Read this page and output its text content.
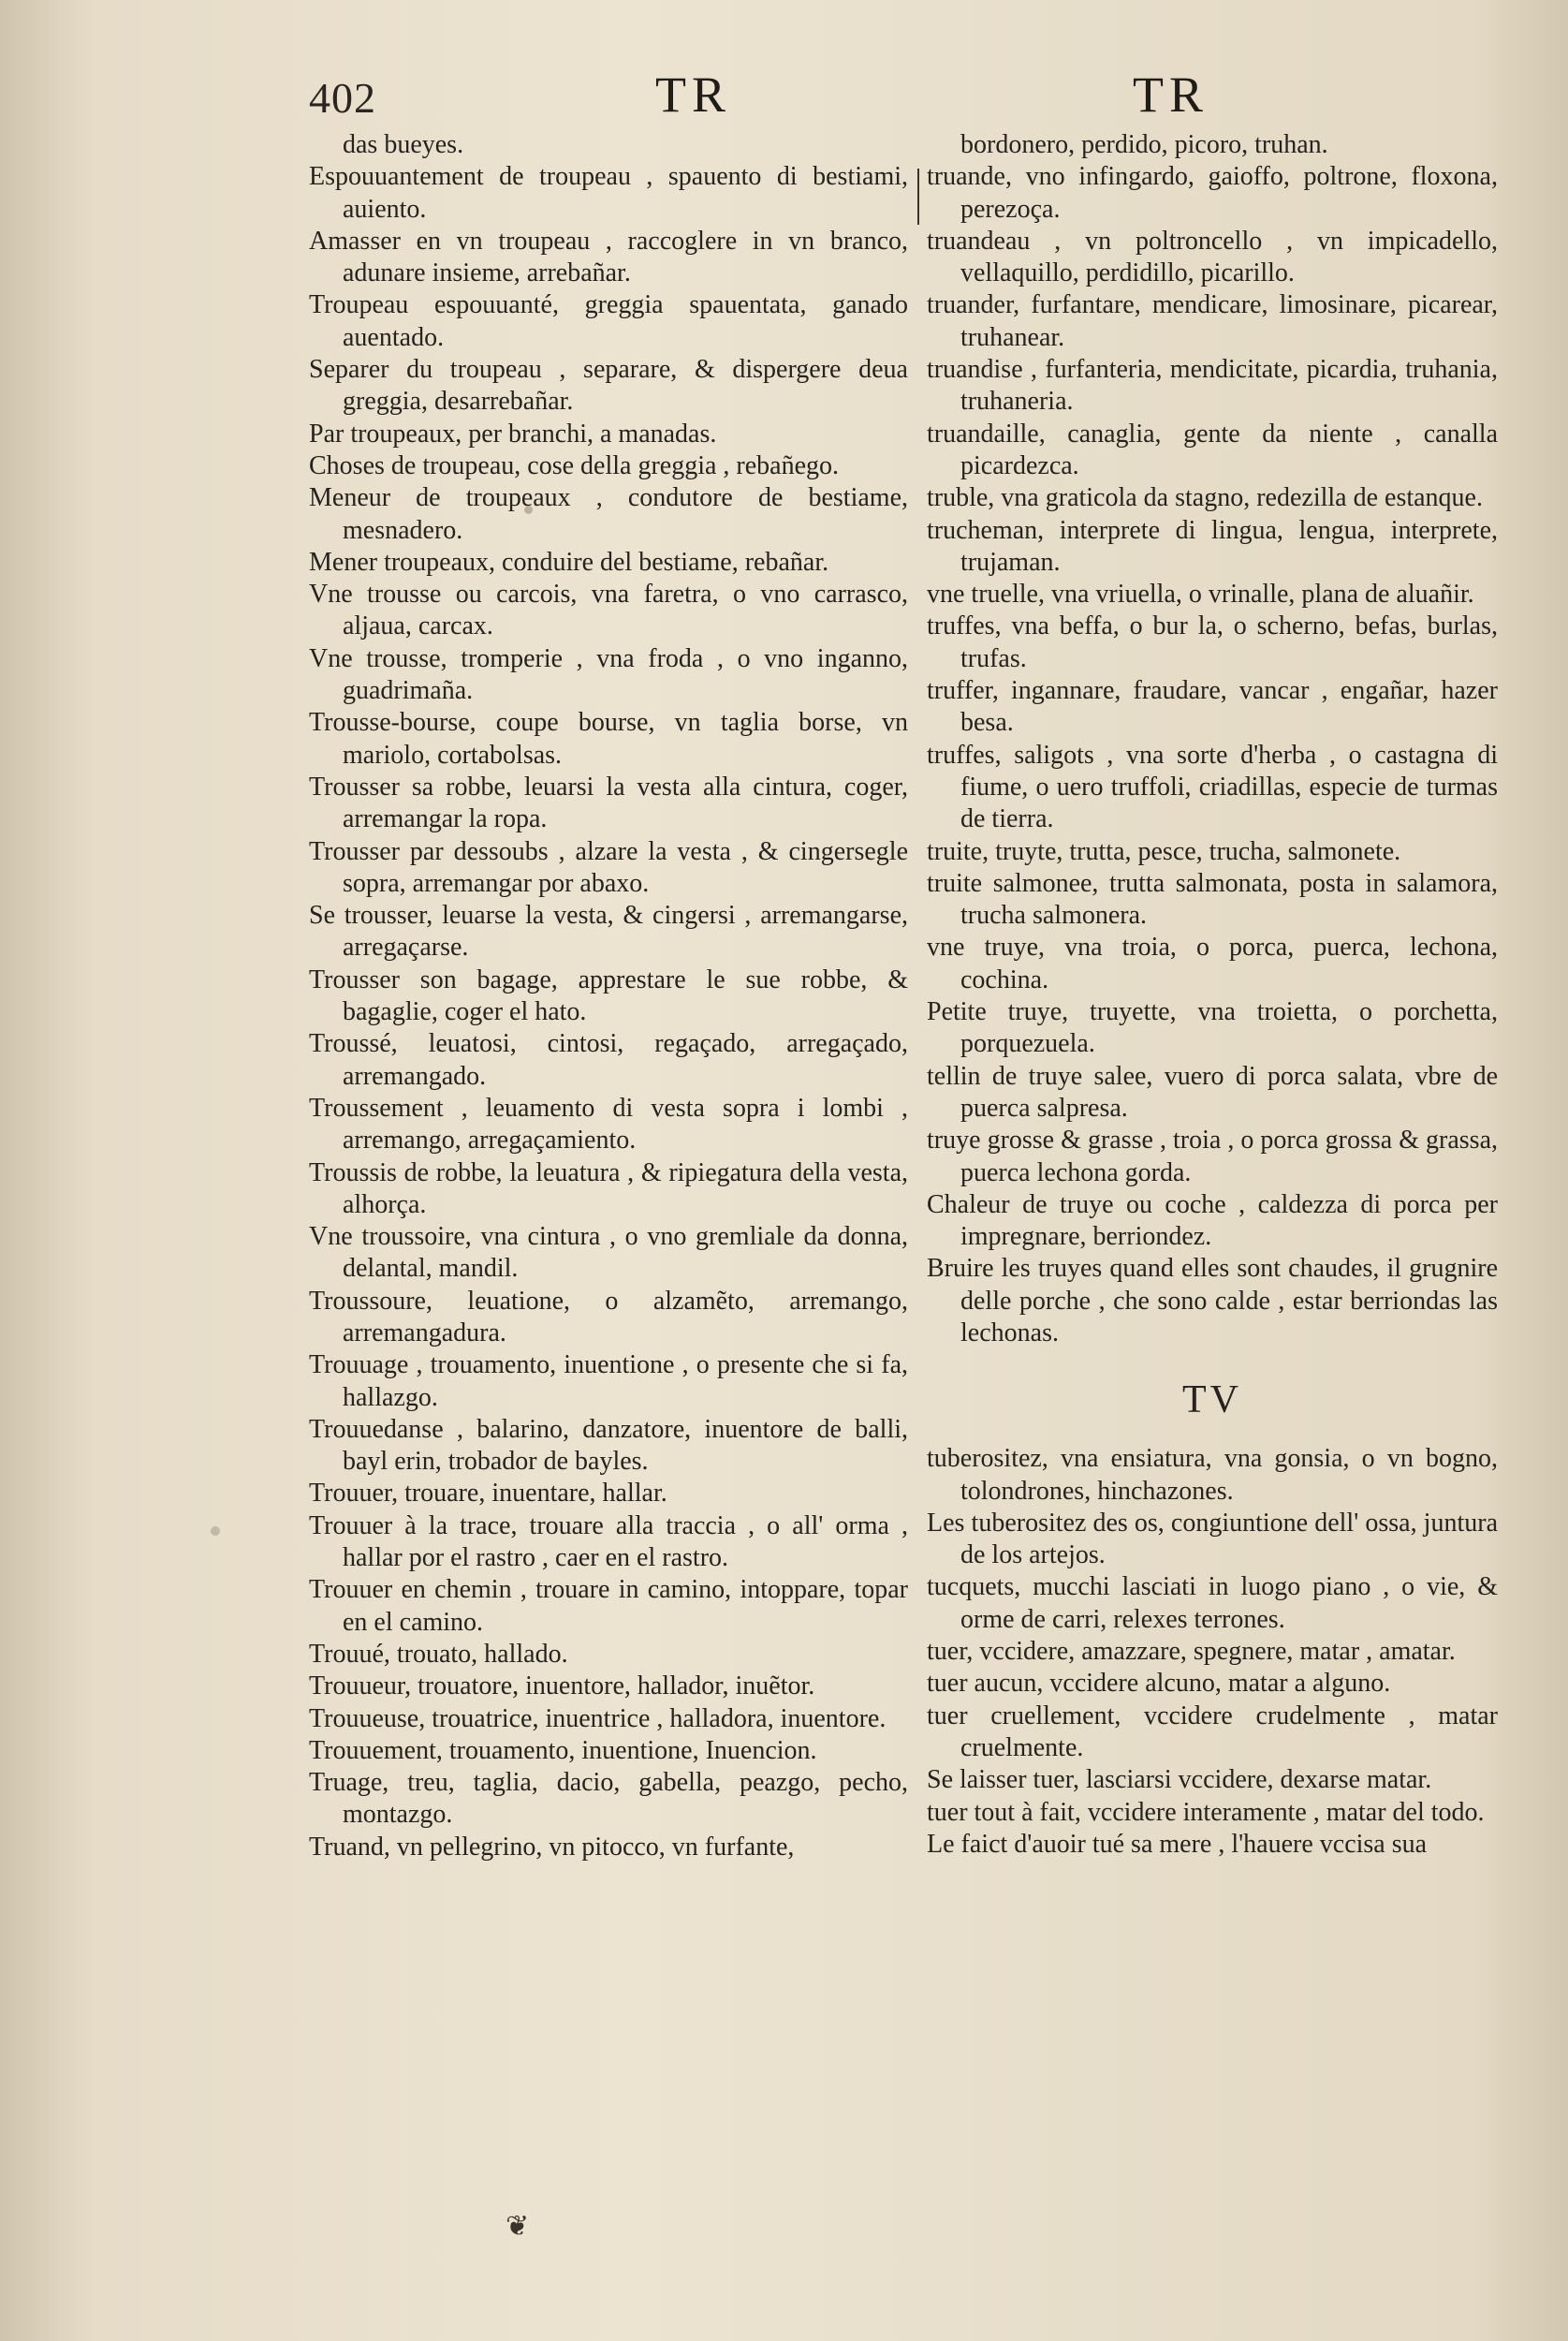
402	TR	TR
das bueyes.
Espouuantement de troupeau , spauento di bestiami, auiento.
Amasser en vn troupeau , raccoglere in vn branco, adunare insieme, arrebañar.
Troupeau espouuanté, greggia spauentata, ganado auentado.
Separer du troupeau , separare, & dispergere deua greggia, desarrebañar.
Par troupeaux, per branchi, a manadas.
Choses de troupeau, cose della greggia , rebañego.
Meneur de troupeaux , condutore de bestiame, mesnadero.
Mener troupeaux, conduire del bestiame, rebañar.
Vne trousse ou carcois, vna faretra, o vno carrasco, aljaua, carcax.
Vne trousse, tromperie , vna froda , o vno inganno, guadrimaña.
Trousse-bourse, coupe bourse, vn taglia borse, vn mariolo, cortabolsas.
Trousser sa robbe, leuarsi la vesta alla cintura, coger, arremangar la ropa.
Trousser par dessoubs , alzare la vesta , & cingersegle sopra, arremangar por abaxo.
Se trousser, leuarse la vesta, & cingersi , arremangarse, arregaçarse.
Trousser son bagage, apprestare le sue robbe, & bagaglie, coger el hato.
Troussé, leuatosi, cintosi, regaçado, arregaçado, arremangado.
Troussement , leuamento di vesta sopra i lombi , arremango, arregaçamiento.
Troussis de robbe, la leuatura , & ripiegatura della vesta, alhorça.
Vne troussoire, vna cintura , o vno gremliale da donna, delantal, mandil.
Troussoure, leuatione, o alzamẽto, arremango, arremangadura.
Trouuage , trouamento, inuentione , o presente che si fa, hallazgo.
Trouuedanse , balarino, danzatore, inuentore de balli, bayl erin, trobador de bayles.
Trouuer, trouare, inuentare, hallar.
Trouuer à la trace, trouare alla traccia , o all' orma , hallar por el rastro , caer en el rastro.
Trouuer en chemin , trouare in camino, intoppare, topar en el camino.
Trouué, trouato, hallado.
Trouueur, trouatore, inuentore, hallador, inuẽtor.
Trouueuse, trouatrice, inuentrice , halladora, inuentore.
Trouuement, trouamento, inuentione, Inuencion.
Truage, treu, taglia, dacio, gabella, peazgo, pecho, montazgo.
Truand, vn pellegrino, vn pitocco, vn furfante,
bordonero, perdido, picoro, truhan.
truande, vno infingardo, gaioffo, poltrone, floxona, perezoça.
truandeau , vn poltroncello , vn impicadello, vellaquillo, perdidillo, picarillo.
truander, furfantare, mendicare, limosinare, picarear, truhanear.
truandise , furfanteria, mendicitate, picardia, truhania, truhaneria.
truandaille, canaglia, gente da niente , canalla picardezca.
truble, vna graticola da stagno, redezilla de estanque.
trucheman, interprete di lingua, lengua, interprete, trujaman.
vne truelle, vna vriuella, o vrinalle, plana de aluañir.
truffes, vna beffa, o bur la, o scherno, befas, burlas, trufas.
truffer, ingannare, fraudare, vancar , engañar, hazer besa.
truffes, saligots , vna sorte d'herba , o castagna di fiume, o uero truffoli, criadillas, especie de turmas de tierra.
truite, truyte, trutta, pesce, trucha, salmonete.
truite salmonee, trutta salmonata, posta in salamora, trucha salmonera.
vne truye, vna troia, o porca, puerca, lechona, cochina.
Petite truye, truyette, vna troietta, o porchetta, porquezuela.
tellin de truye salee, vuero di porca salata, vbre de puerca salpresa.
truye grosse & grasse , troia , o porca grossa & grassa, puerca lechona gorda.
Chaleur de truye ou coche , caldezza di porca per impregnare, berriondez.
Bruire les truyes quand elles sont chaudes, il grugnire delle porche , che sono calde , estar berriondas las lechonas.
TV
tuberositez, vna ensiatura, vna gonsia, o vn bogno, tolondrones, hinchazones.
Les tuberositez des os, congiuntione dell' ossa, juntura de los artejos.
tucquets, mucchi lasciati in luogo piano , o vie, & orme de carri, relexes terrones.
tuer, vccidere, amazzare, spegnere, matar , amatar.
tuer aucun, vccidere alcuno, matar a alguno.
tuer cruellement, vccidere crudelmente , matar cruelmente.
Se laisser tuer, lasciarsi vccidere, dexarse matar.
tuer tout à fait, vccidere interamente , matar del todo.
Le faict d'auoir tué sa mere , l'hauere vccisa sua
❦
